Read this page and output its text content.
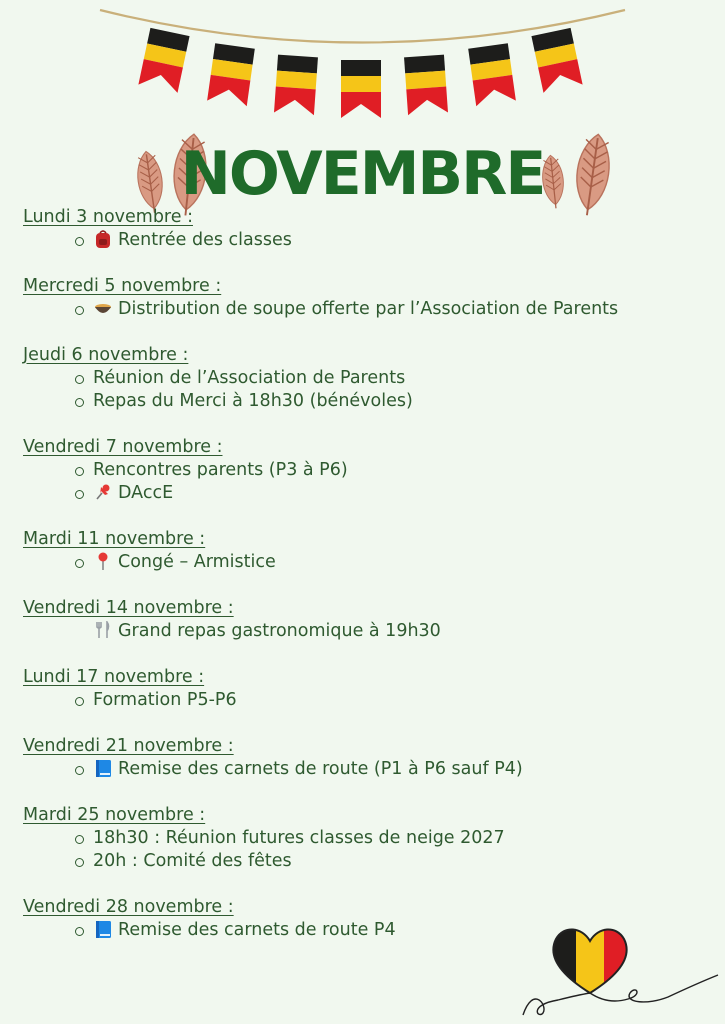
NOVEMBRE
Lundi 3 novembre :
Rentrée des classes
Mercredi 5 novembre :
Distribution de soupe offerte par l’Association de Parents
Jeudi 6 novembre :
Réunion de l’Association de Parents
Repas du Merci à 18h30 (bénévoles)
Vendredi 7 novembre :
Rencontres parents (P3 à P6)
DAccE
Mardi 11 novembre :
Congé – Armistice
Vendredi 14 novembre :
Grand repas gastronomique à 19h30
Lundi 17 novembre :
Formation P5-P6
Vendredi 21 novembre :
Remise des carnets de route (P1 à P6 sauf P4)
Mardi 25 novembre :
18h30 : Réunion futures classes de neige 2027
20h : Comité des fêtes
Vendredi 28 novembre :
Remise des carnets de route P4
